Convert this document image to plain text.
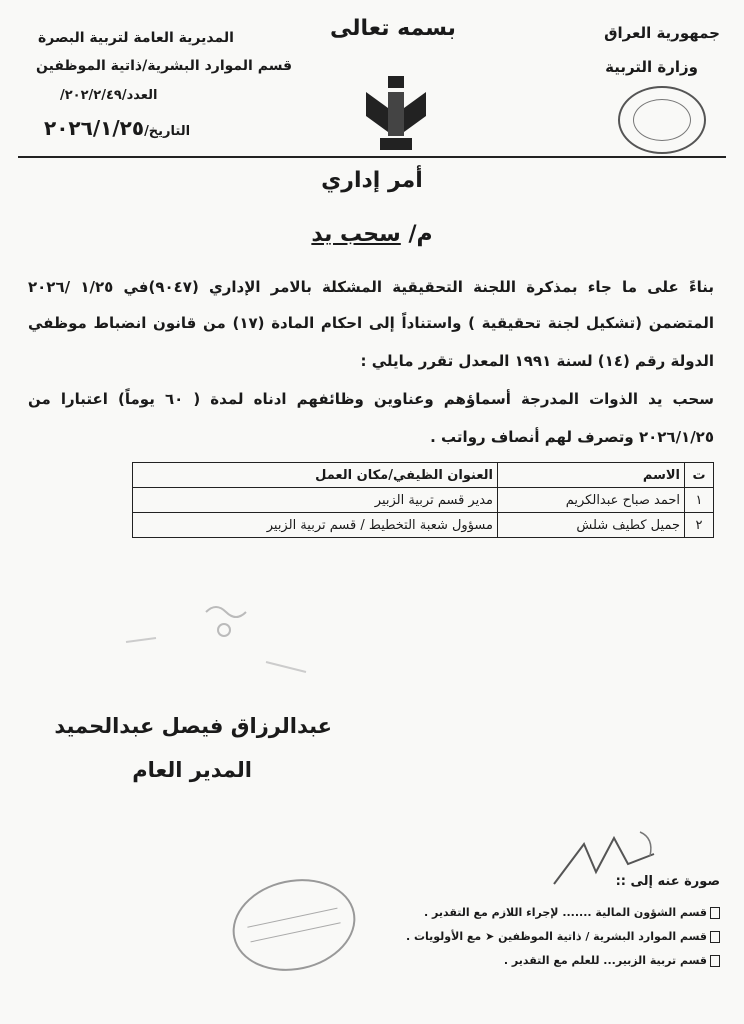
جمهورية العراق
وزارة التربية
بسمه تعالى
المديرية العامة لتربية البصرة
قسم الموارد البشرية/ذاتية الموظفين
العدد/٢٠٢/٢/٤٩/
التاريخ/٢٠٢٦/١/٢٥
أمر إداري
م/ سحب يد
بناءً على ما جاء بمذكرة اللجنة التحقيقية المشكلة بالامر الإداري (٩٠٤٧)في ١/٢٥ /٢٠٢٦
المتضمن (تشكيل لجنة تحقيقية ) واستناداً إلى احكام المادة (١٧) من قانون انضباط موظفي
الدولة رقم (١٤) لسنة ١٩٩١ المعدل تقرر مايلي :
سحب يد الذوات المدرجة أسماؤهم وعناوين وظائفهم ادناه لمدة ( ٦٠ يوماً) اعتبارا من
٢٠٢٦/١/٢٥ وتصرف لهم أنصاف رواتب .
ت	الاسم	العنوان الظيفي/مكان العمل
١	احمد صباح عبدالكريم	مدير قسم تربية الزبير
٢	جميل كطيف شلش	مسؤول شعبة التخطيط / قسم تربية الزبير
عبدالرزاق فيصل عبدالحميد
المدير العام
صورة عنه إلى ::
قسم الشؤون المالية ....... لإجراء اللازم مع التقدير .
قسم الموارد البشرية / ذاتية الموظفين ➤ مع الأولويات .
قسم تربية الزبير... للعلم مع التقدير .
